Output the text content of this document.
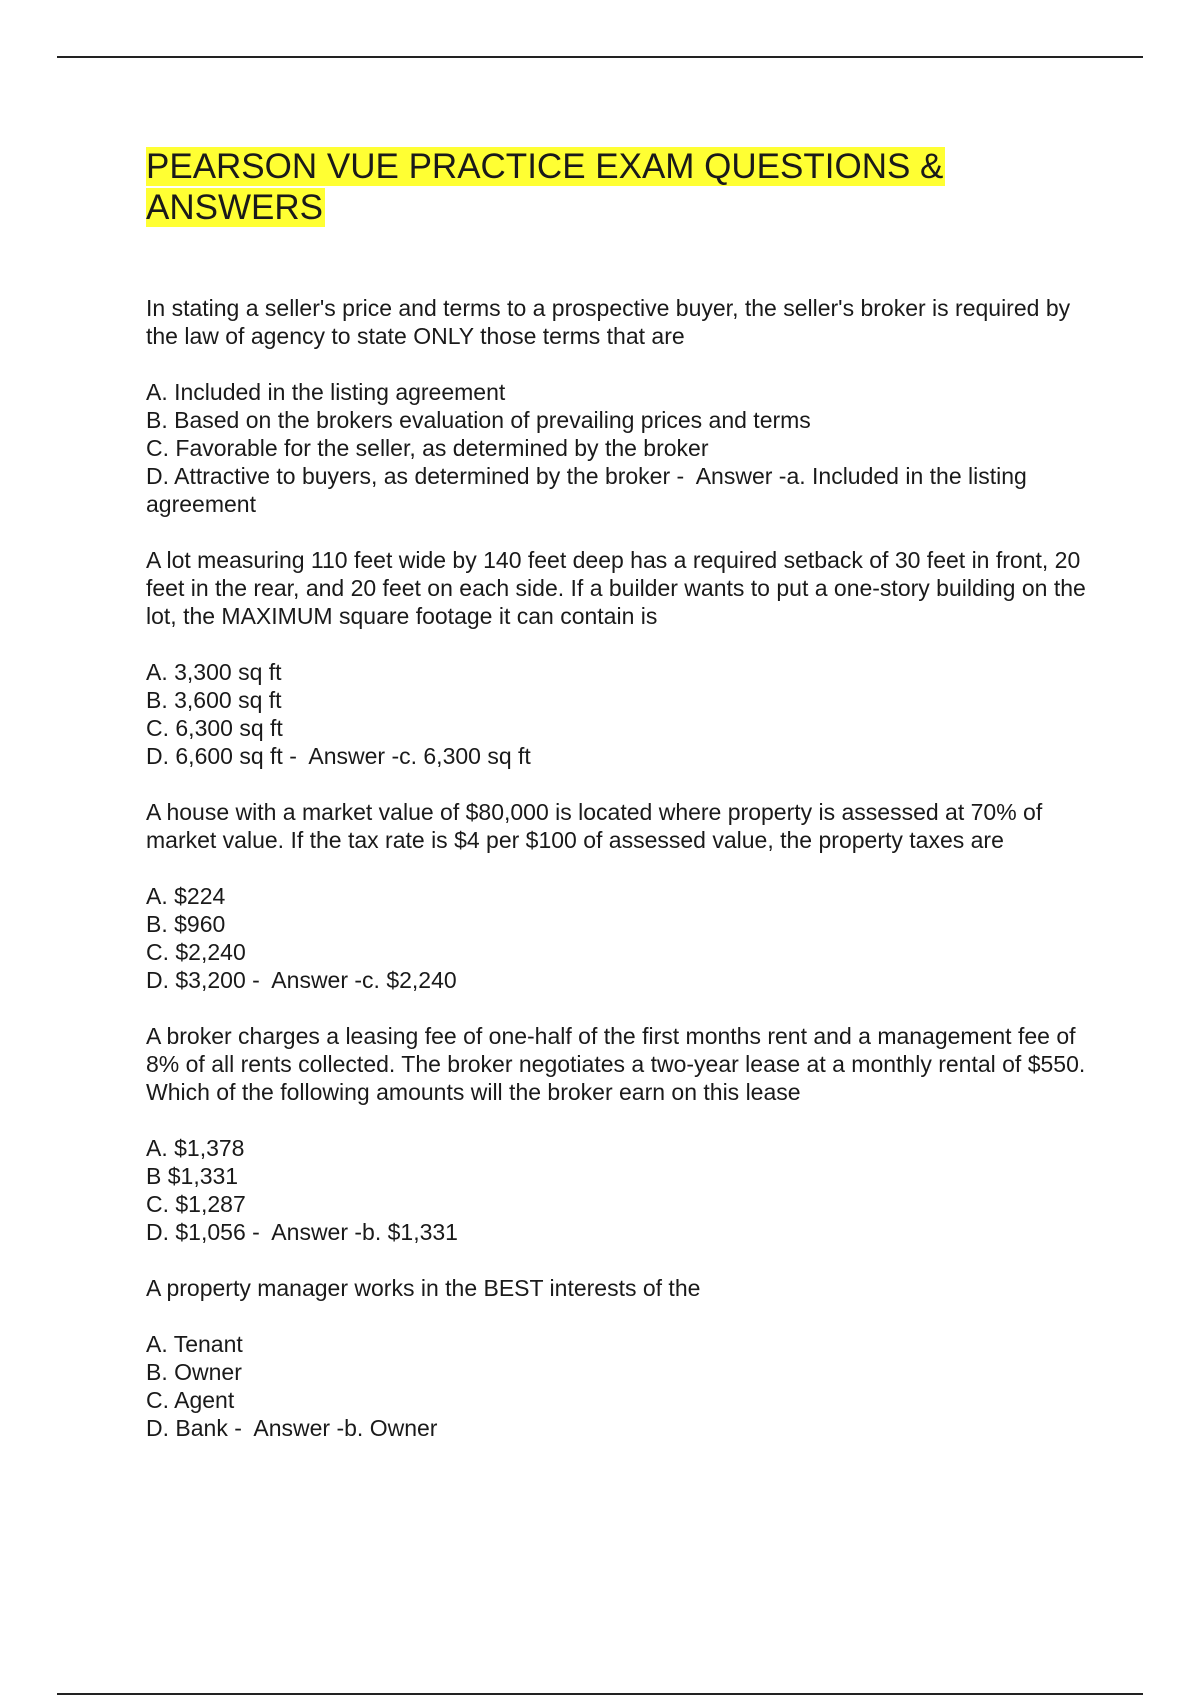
PEARSON VUE PRACTICE EXAM QUESTIONS & ANSWERS
In stating a seller's price and terms to a prospective buyer, the seller's broker is required by the law of agency to state ONLY those terms that are
A. Included in the listing agreement
B. Based on the brokers evaluation of prevailing prices and terms
C. Favorable for the seller, as determined by the broker
D. Attractive to buyers, as determined by the broker -  Answer -a. Included in the listing agreement
A lot measuring 110 feet wide by 140 feet deep has a required setback of 30 feet in front, 20 feet in the rear, and 20 feet on each side. If a builder wants to put a one-story building on the lot, the MAXIMUM square footage it can contain is
A. 3,300 sq ft
B. 3,600 sq ft
C. 6,300 sq ft
D. 6,600 sq ft -  Answer -c. 6,300 sq ft
A house with a market value of $80,000 is located where property is assessed at 70% of market value. If the tax rate is $4 per $100 of assessed value, the property taxes are
A. $224
B. $960
C. $2,240
D. $3,200 -  Answer -c. $2,240
A broker charges a leasing fee of one-half of the first months rent and a management fee of 8% of all rents collected. The broker negotiates a two-year lease at a monthly rental of $550. Which of the following amounts will the broker earn on this lease
A. $1,378
B $1,331
C. $1,287
D. $1,056 -  Answer -b. $1,331
A property manager works in the BEST interests of the
A. Tenant
B. Owner
C. Agent
D. Bank -  Answer -b. Owner
